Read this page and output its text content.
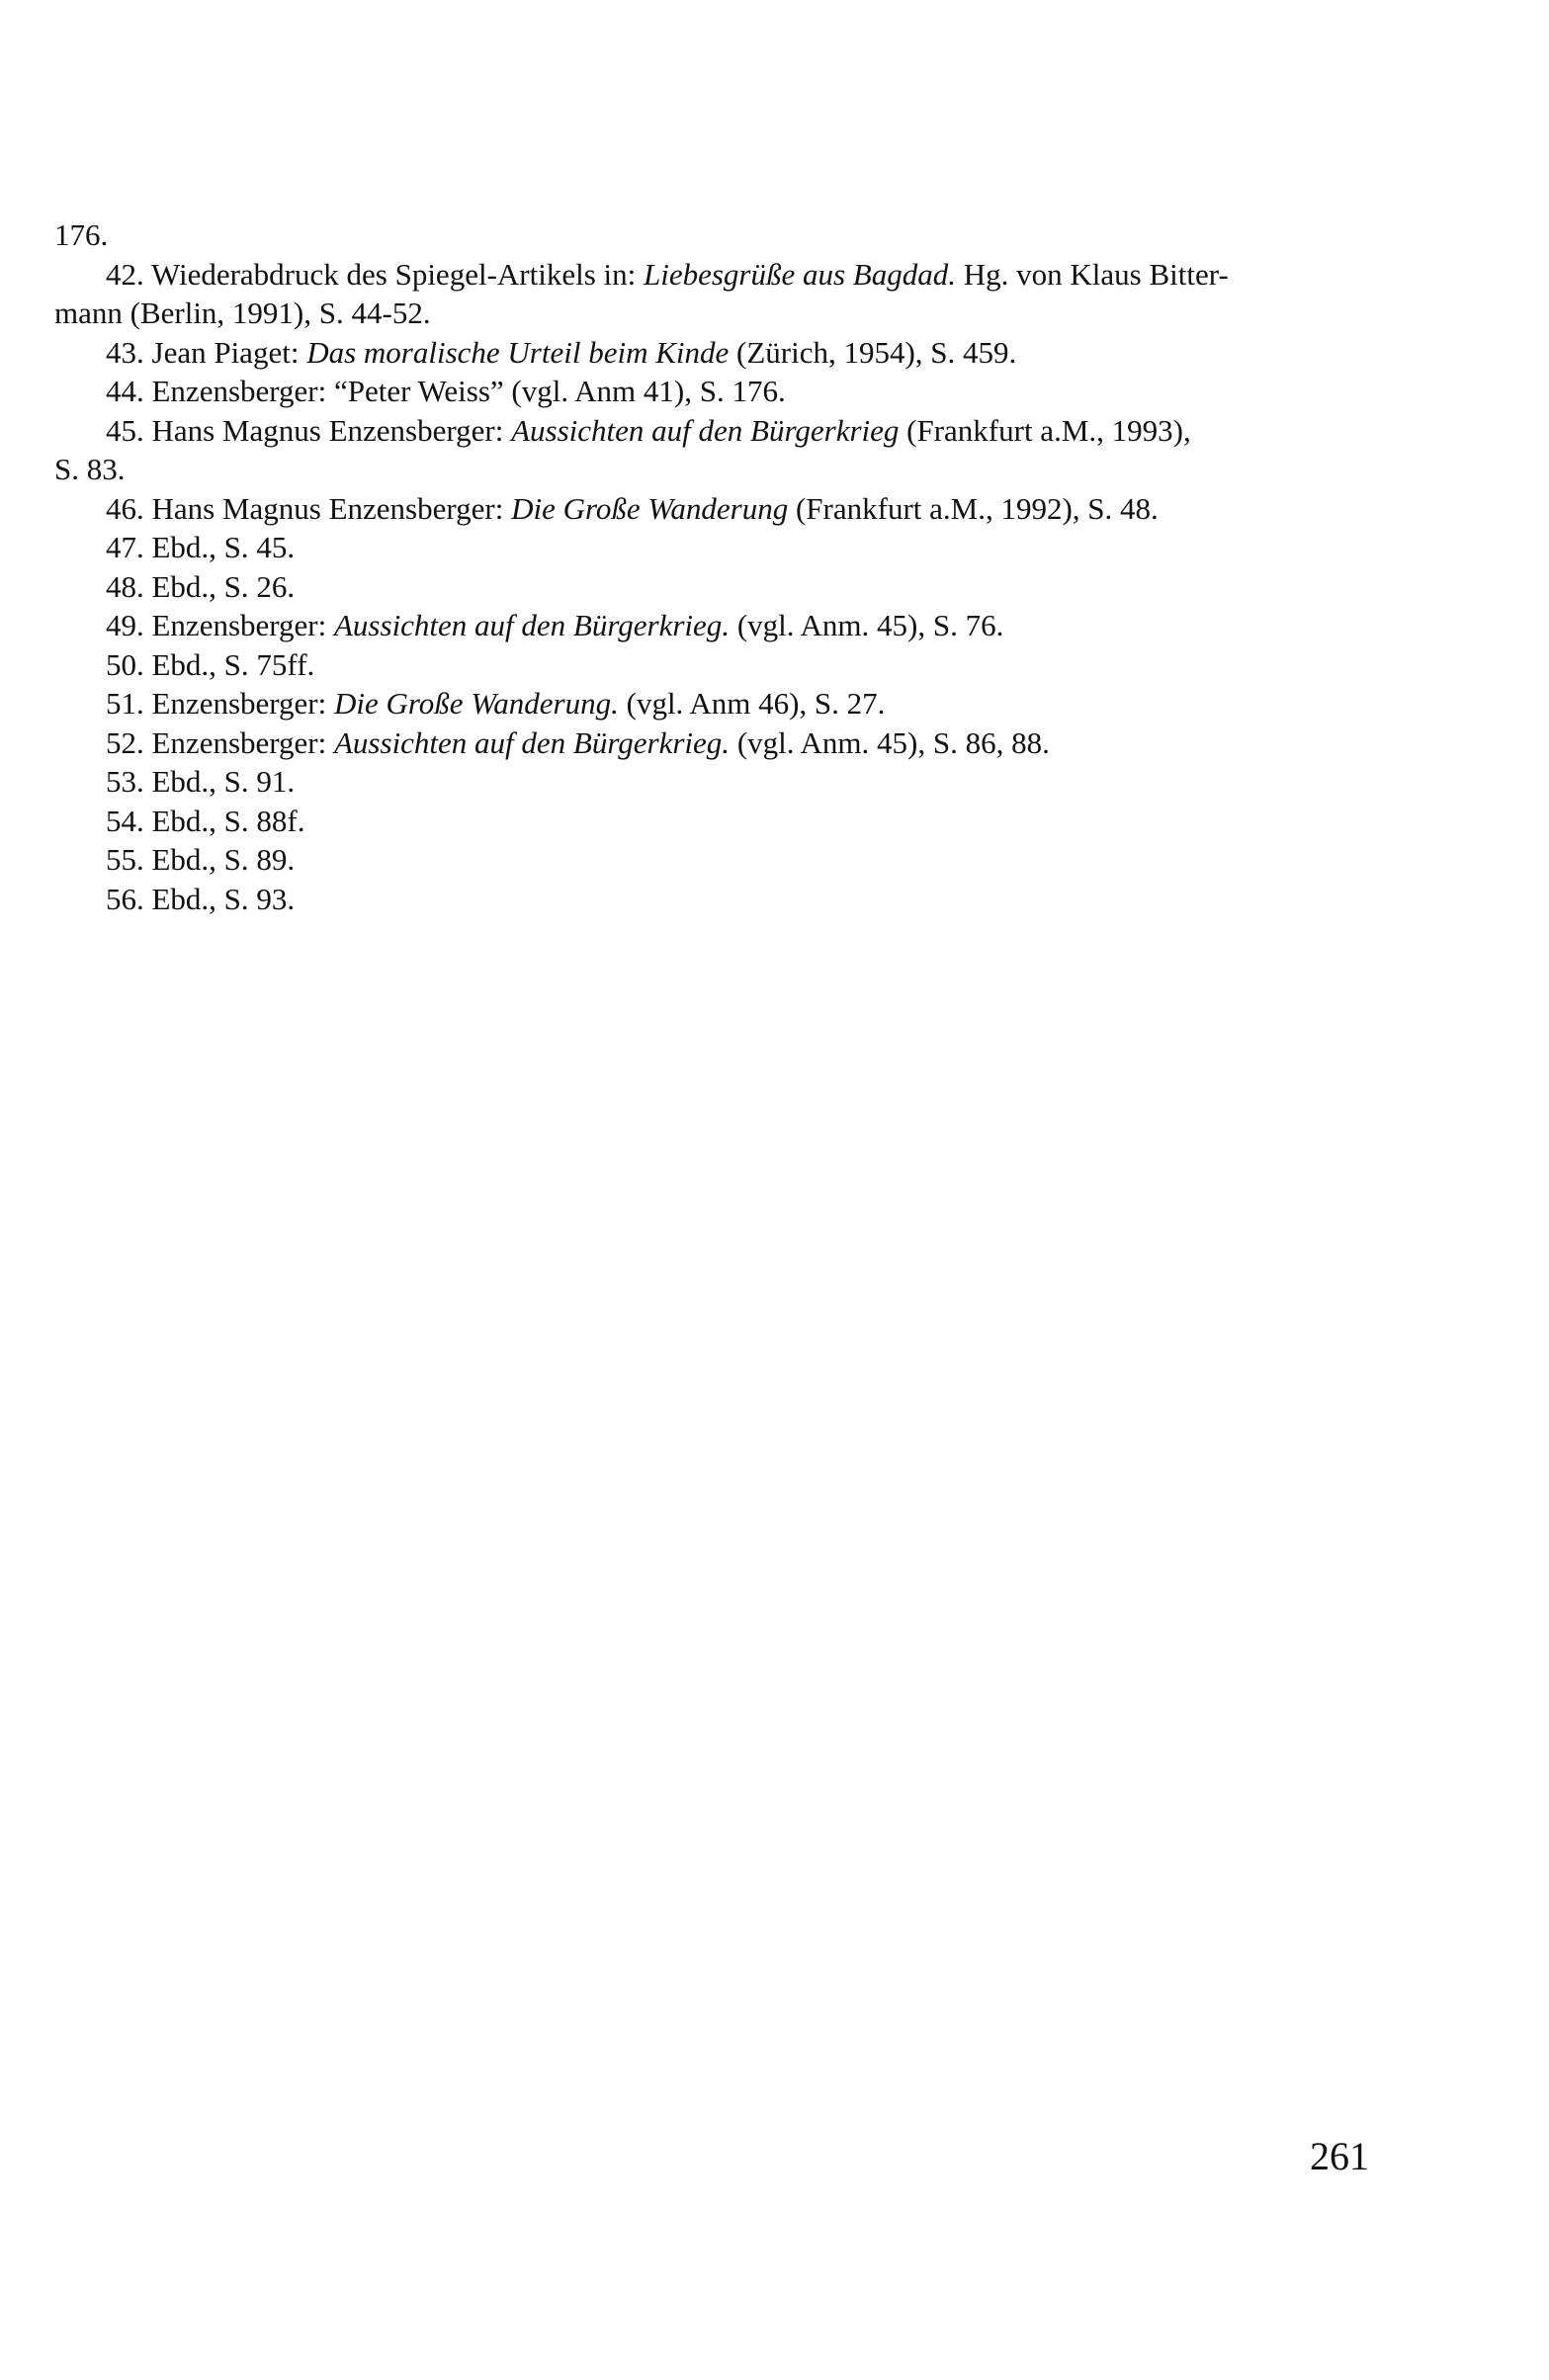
176.
42. Wiederabdruck des Spiegel-Artikels in: Liebesgrüße aus Bagdad. Hg. von Klaus Bitter-
mann (Berlin, 1991), S. 44-52.
43. Jean Piaget: Das moralische Urteil beim Kinde (Zürich, 1954), S. 459.
44. Enzensberger: “Peter Weiss” (vgl. Anm 41), S. 176.
45. Hans Magnus Enzensberger: Aussichten auf den Bürgerkrieg (Frankfurt a.M., 1993),
S. 83.
46. Hans Magnus Enzensberger: Die Große Wanderung (Frankfurt a.M., 1992), S. 48.
47. Ebd., S. 45.
48. Ebd., S. 26.
49. Enzensberger: Aussichten auf den Bürgerkrieg. (vgl. Anm. 45), S. 76.
50. Ebd., S. 75ff.
51. Enzensberger: Die Große Wanderung. (vgl. Anm 46), S. 27.
52. Enzensberger: Aussichten auf den Bürgerkrieg. (vgl. Anm. 45), S. 86, 88.
53. Ebd., S. 91.
54. Ebd., S. 88f.
55. Ebd., S. 89.
56. Ebd., S. 93.
261
